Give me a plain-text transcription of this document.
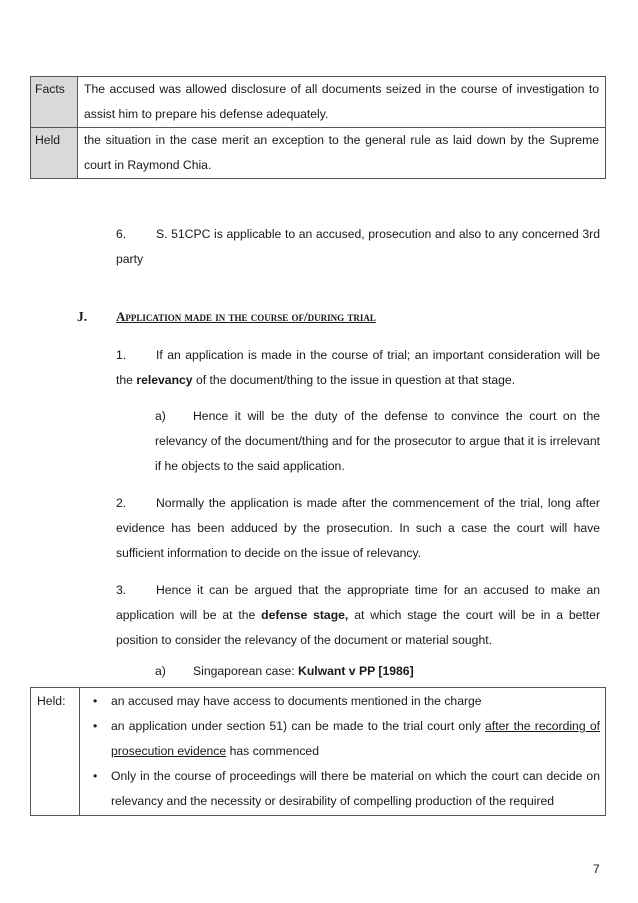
Facts	The accused was allowed disclosure of all documents seized in the course of investigation to assist him to prepare his defense adequately.
Held	the situation in the case merit an exception to the general rule as laid down by the Supreme court in Raymond Chia.
6. S. 51CPC is applicable to an accused, prosecution and also to any concerned 3rd party
J. Application made in the course of/during trial
1. If an application is made in the course of trial; an important consideration will be the relevancy of the document/thing to the issue in question at that stage.
a) Hence it will be the duty of the defense to convince the court on the relevancy of the document/thing and for the prosecutor to argue that it is irrelevant if he objects to the said application.
2. Normally the application is made after the commencement of the trial, long after evidence has been adduced by the prosecution. In such a case the court will have sufficient information to decide on the issue of relevancy.
3. Hence it can be argued that the appropriate time for an accused to make an application will be at the defense stage, at which stage the court will be in a better position to consider the relevancy of the document or material sought.
a) Singaporean case: Kulwant v PP [1986]
Held:	• an accused may have access to documents mentioned in the charge
• an application under section 51) can be made to the trial court only after the recording of prosecution evidence has commenced
• Only in the course of proceedings will there be material on which the court can decide on relevancy and the necessity or desirability of compelling production of the required
7
